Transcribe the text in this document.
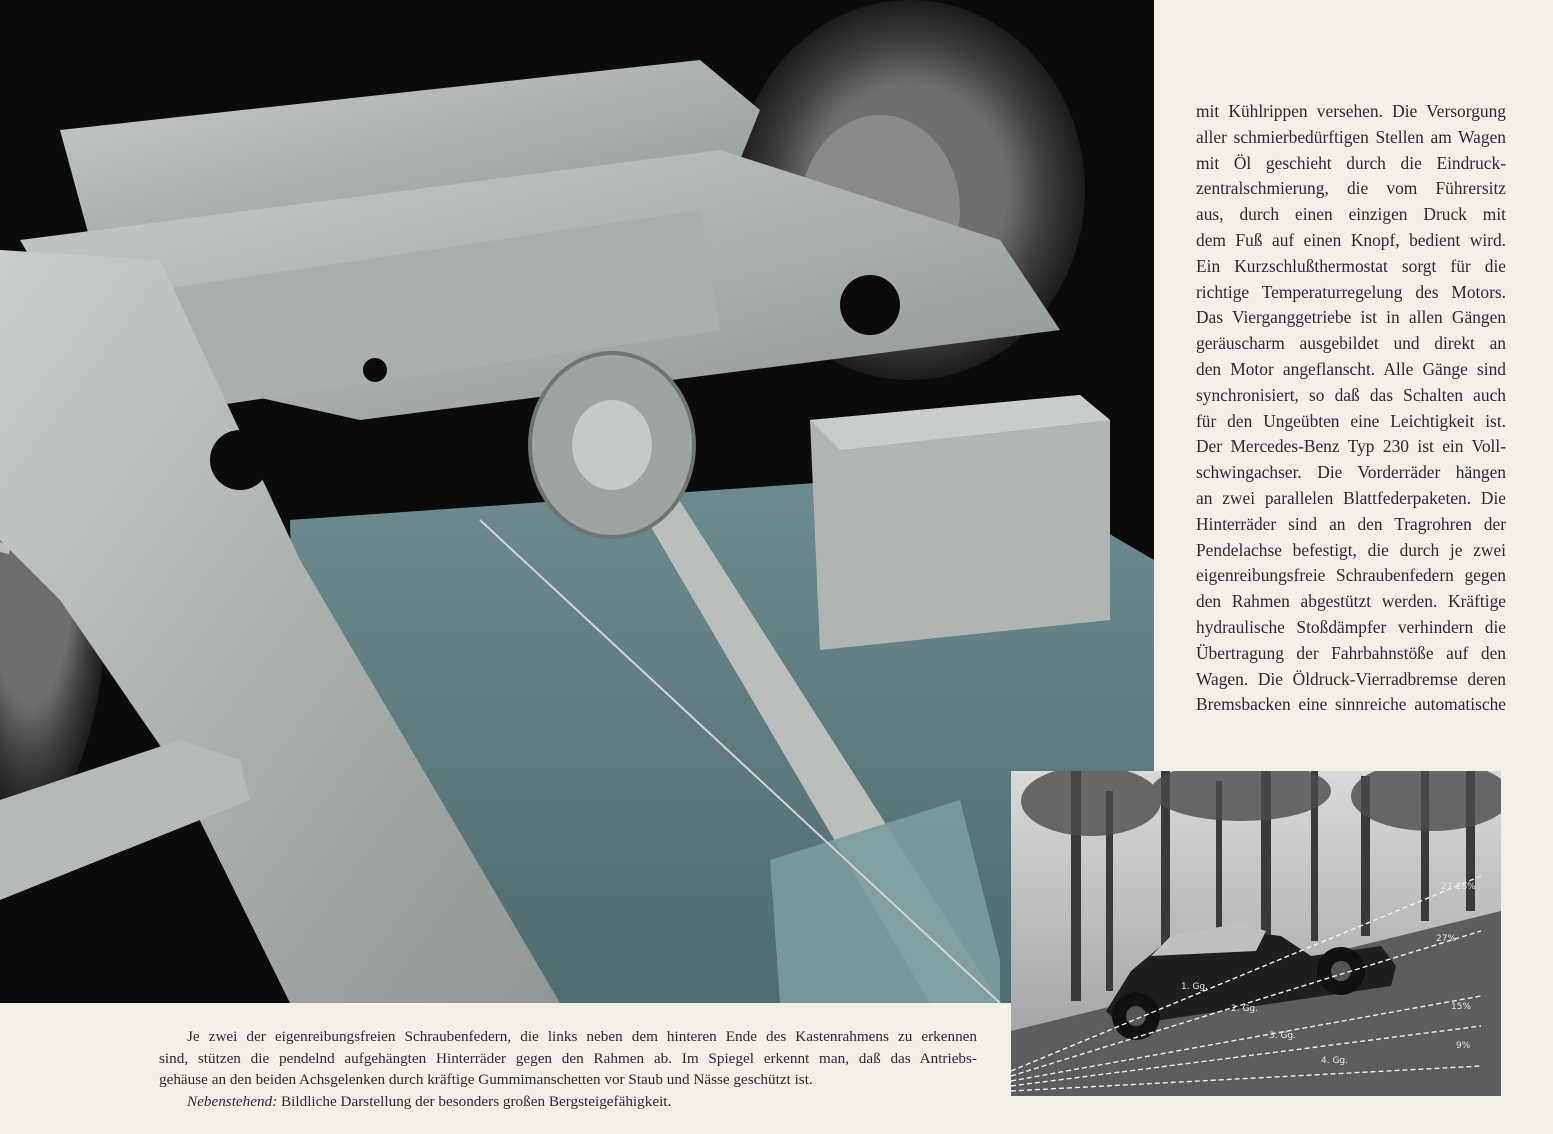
mit Kühlrippen versehen. Die Versorgung
aller schmierbedürftigen Stellen am Wagen
mit Öl geschieht durch die Eindruck-
zentralschmierung, die vom Führersitz
aus, durch einen einzigen Druck mit
dem Fuß auf einen Knopf, bedient wird.
Ein Kurzschlußthermostat sorgt für die
richtige Temperaturregelung des Motors.
Das Vierganggetriebe ist in allen Gängen
geräuscharm ausgebildet und direkt an
den Motor angeflanscht. Alle Gänge sind
synchronisiert, so daß das Schalten auch
für den Ungeübten eine Leichtigkeit ist.
Der Mercedes-Benz Typ 230 ist ein Voll-
schwingachser. Die Vorderräder hängen
an zwei parallelen Blattfederpaketen. Die
Hinterräder sind an den Tragrohren der
Pendelachse befestigt, die durch je zwei
eigenreibungsfreie Schraubenfedern gegen
den Rahmen abgestützt werden. Kräftige
hydraulische Stoßdämpfer verhindern die
Übertragung der Fahrbahnstöße auf den
Wagen. Die Öldruck-Vierradbremse deren
Bremsbacken eine sinnreiche automatische
27-28%
27%
15%
9%
1. Gg.
2. Gg.
3. Gg.
4. Gg.
Je zwei der eigenreibungsfreien Schraubenfedern, die links neben dem hinteren Ende des Kastenrahmens zu erkennen
sind, stützen die pendelnd aufgehängten Hinterräder gegen den Rahmen ab. Im Spiegel erkennt man, daß das Antriebs-
gehäuse an den beiden Achsgelenken durch kräftige Gummimanschetten vor Staub und Nässe geschützt ist.
Nebenstehend: Bildliche Darstellung der besonders großen Bergsteigefähigkeit.
